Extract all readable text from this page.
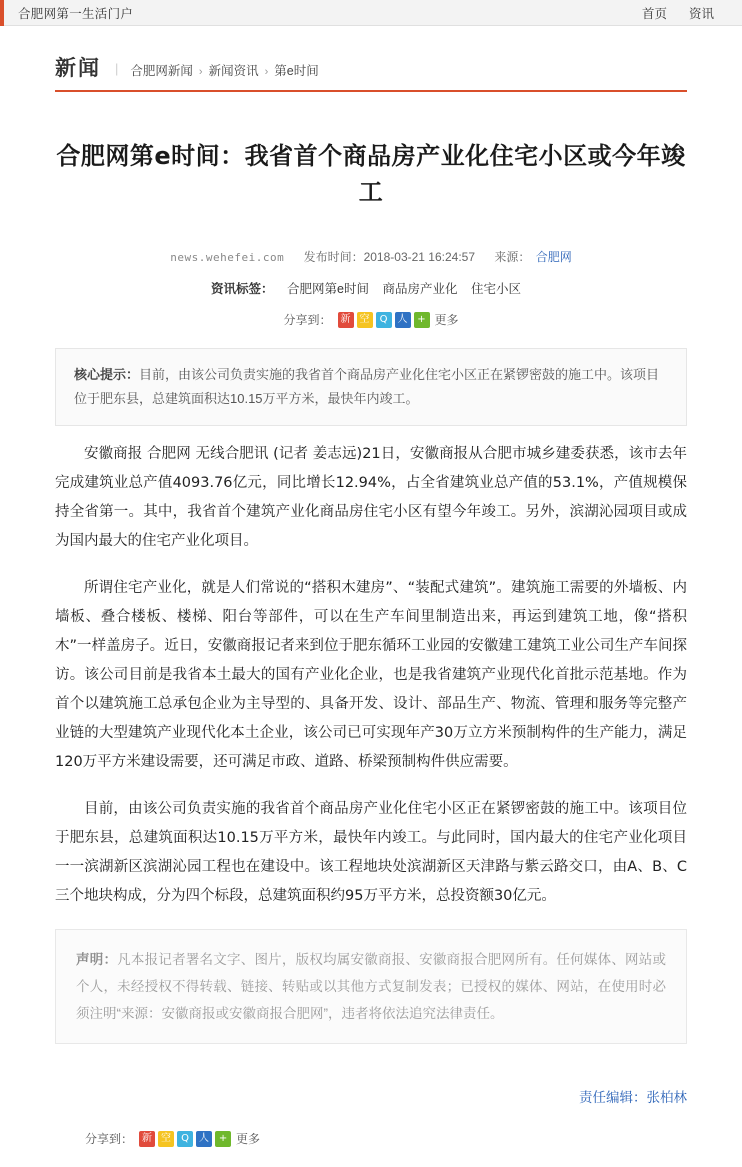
合肥网第一生活门户	首页 资讯
新闻 | 合肥网新闻 › 新闻资讯 › 第e时间
合肥网第e时间：我省首个商品房产业化住宅小区或今年竣工
news.wehefei.com 发布时间：2018-03-21 16:24:57 来源： 合肥网
资讯标签： 合肥网第e时间 商品房产业化 住宅小区
分享到： 新 空	Q	人 + 更多
核心提示：目前，由该公司负责实施的我省首个商品房产业化住宅小区正在紧锣密鼓的施工中。该项目位于肥东县，总建筑面积达10.15万平方米，最快年内竣工。

安徽商报 合肥网 无线合肥讯 (记者 姜志远)21日，安徽商报从合肥市城乡建委获悉，该市去年完成建筑业总产值4093.76亿元，同比增长12.94%，占全省建筑业总产值的53.1%，产值规模保持全省第一。其中，我省首个建筑产业化商品房住宅小区有望今年竣工。另外，滨湖沁园项目或成为国内最大的住宅产业化项目。

所谓住宅产业化，就是人们常说的“搭积木建房”、“装配式建筑”。建筑施工需要的外墙板、内墙板、叠合楼板、楼梯、阳台等部件，可以在生产车间里制造出来，再运到建筑工地，像“搭积木”一样盖房子。近日，安徽商报记者来到位于肥东循环工业园的安徽建工建筑工业公司生产车间探访。该公司目前是我省本土最大的国有产业化企业，也是我省建筑产业现代化首批示范基地。作为首个以建筑施工总承包企业为主导型的、具备开发、设计、部品生产、物流、管理和服务等完整产业链的大型建筑产业现代化本土企业，该公司已可实现年产30万立方米预制构件的生产能力，满足120万平方米建设需要，还可满足市政、道路、桥梁预制构件供应需要。

目前，由该公司负责实施的我省首个商品房产业化住宅小区正在紧锣密鼓的施工中。该项目位于肥东县，总建筑面积达10.15万平方米，最快年内竣工。与此同时，国内最大的住宅产业化项目一一滨湖新区滨湖沁园工程也在建设中。该工程地块处滨湖新区天津路与紫云路交口，由A、B、C三个地块构成，分为四个标段，总建筑面积约95万平方米，总投资额30亿元。

声明：凡本报记者署名文字、图片，版权均属安徽商报、安徽商报合肥网所有。任何媒体、网站或个人，未经授权不得转载、链接、转贴或以其他方式复制发表；已授权的媒体、网站，在使用时必须注明“来源：安徽商报或安徽商报合肥网”，违者将依法追究法律责任。
责任编辑：张柏林
分享到： 新 空	Q	人 + 更多
